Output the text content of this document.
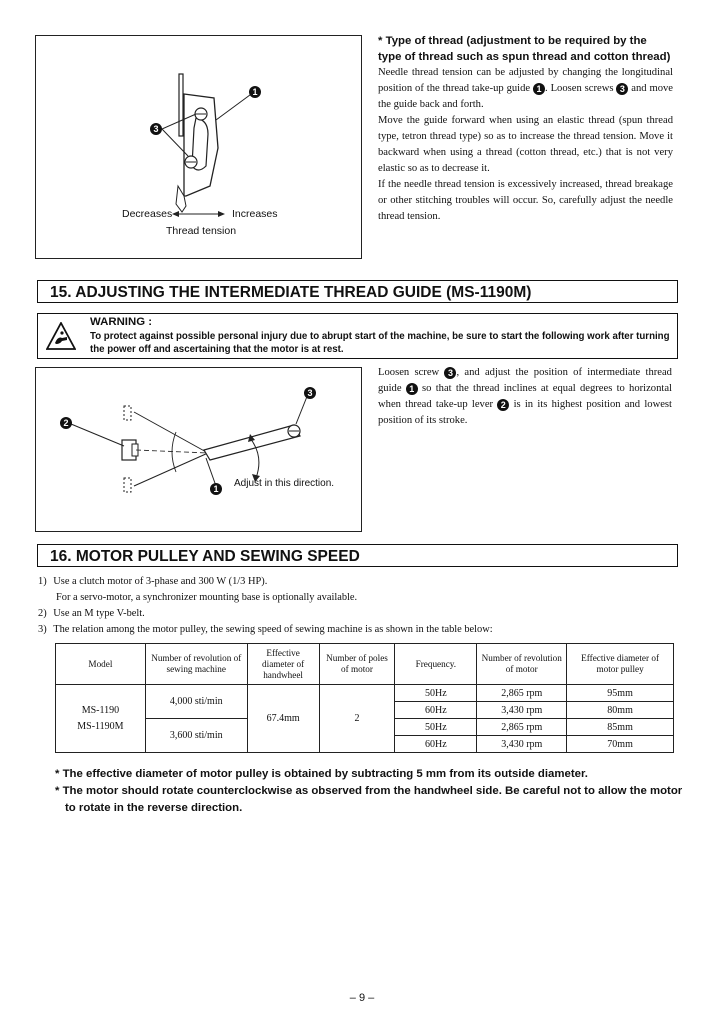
1
3
Decreases	Increases
Thread tension
* Type of thread (adjustment to be required by the type of thread such as spun thread and cotton thread)

Needle thread tension can be adjusted by changing the longitudinal position of the thread take-up guide 1 . Loosen screws 3 and move the guide back and forth.

Move the guide forward when using an elastic thread (spun thread type, tetron thread type) so as to increase the thread tension. Move it backward when using a thread (cotton thread, etc.) that is not very elastic so as to decrease it.

If the needle thread tension is excessively increased, thread breakage or other stitching troubles will occur. So, carefully adjust the needle thread tension.

15. ADJUSTING THE INTERMEDIATE THREAD GUIDE (MS-1190M)
WARNING :
To protect against possible personal injury due to abrupt start of the machine, be sure to start the following work after turning the power off and ascertaining that the motor is at rest.
2
3
1	Adjust in this direction.
Loosen screw 3 , and adjust the position of intermediate thread guide 1 so that the thread inclines at equal degrees to horizontal when thread take-up lever 2 is in its highest position and lowest position of its stroke.
16. MOTOR PULLEY AND SEWING SPEED
1) Use a clutch motor of 3-phase and 300 W (1/3 HP).
For a servo-motor, a synchronizer mounting base is optionally available.
2) Use an M type V-belt.
3) The relation among the motor pulley, the sewing speed of sewing machine is as shown in the table below:
Model	Number of revolution of sewing machine	Effective diameter of handwheel	Number of poles of motor	Frequency.	Number of revolution of motor	Effective diameter of motor pulley

MS-1190
MS-1190M	4,000 sti/min	67.4mm	2	50Hz	2,865 rpm	95mm
				60Hz	3,430 rpm	80mm
	3,600 sti/min			50Hz	2,865 rpm	85mm
				60Hz	3,430 rpm	70mm
* The effective diameter of motor pulley is obtained by subtracting 5 mm from its outside diameter.
* The motor should rotate counterclockwise as observed from the handwheel side. Be careful not to allow the motor to rotate in the reverse direction.
– 9 –
